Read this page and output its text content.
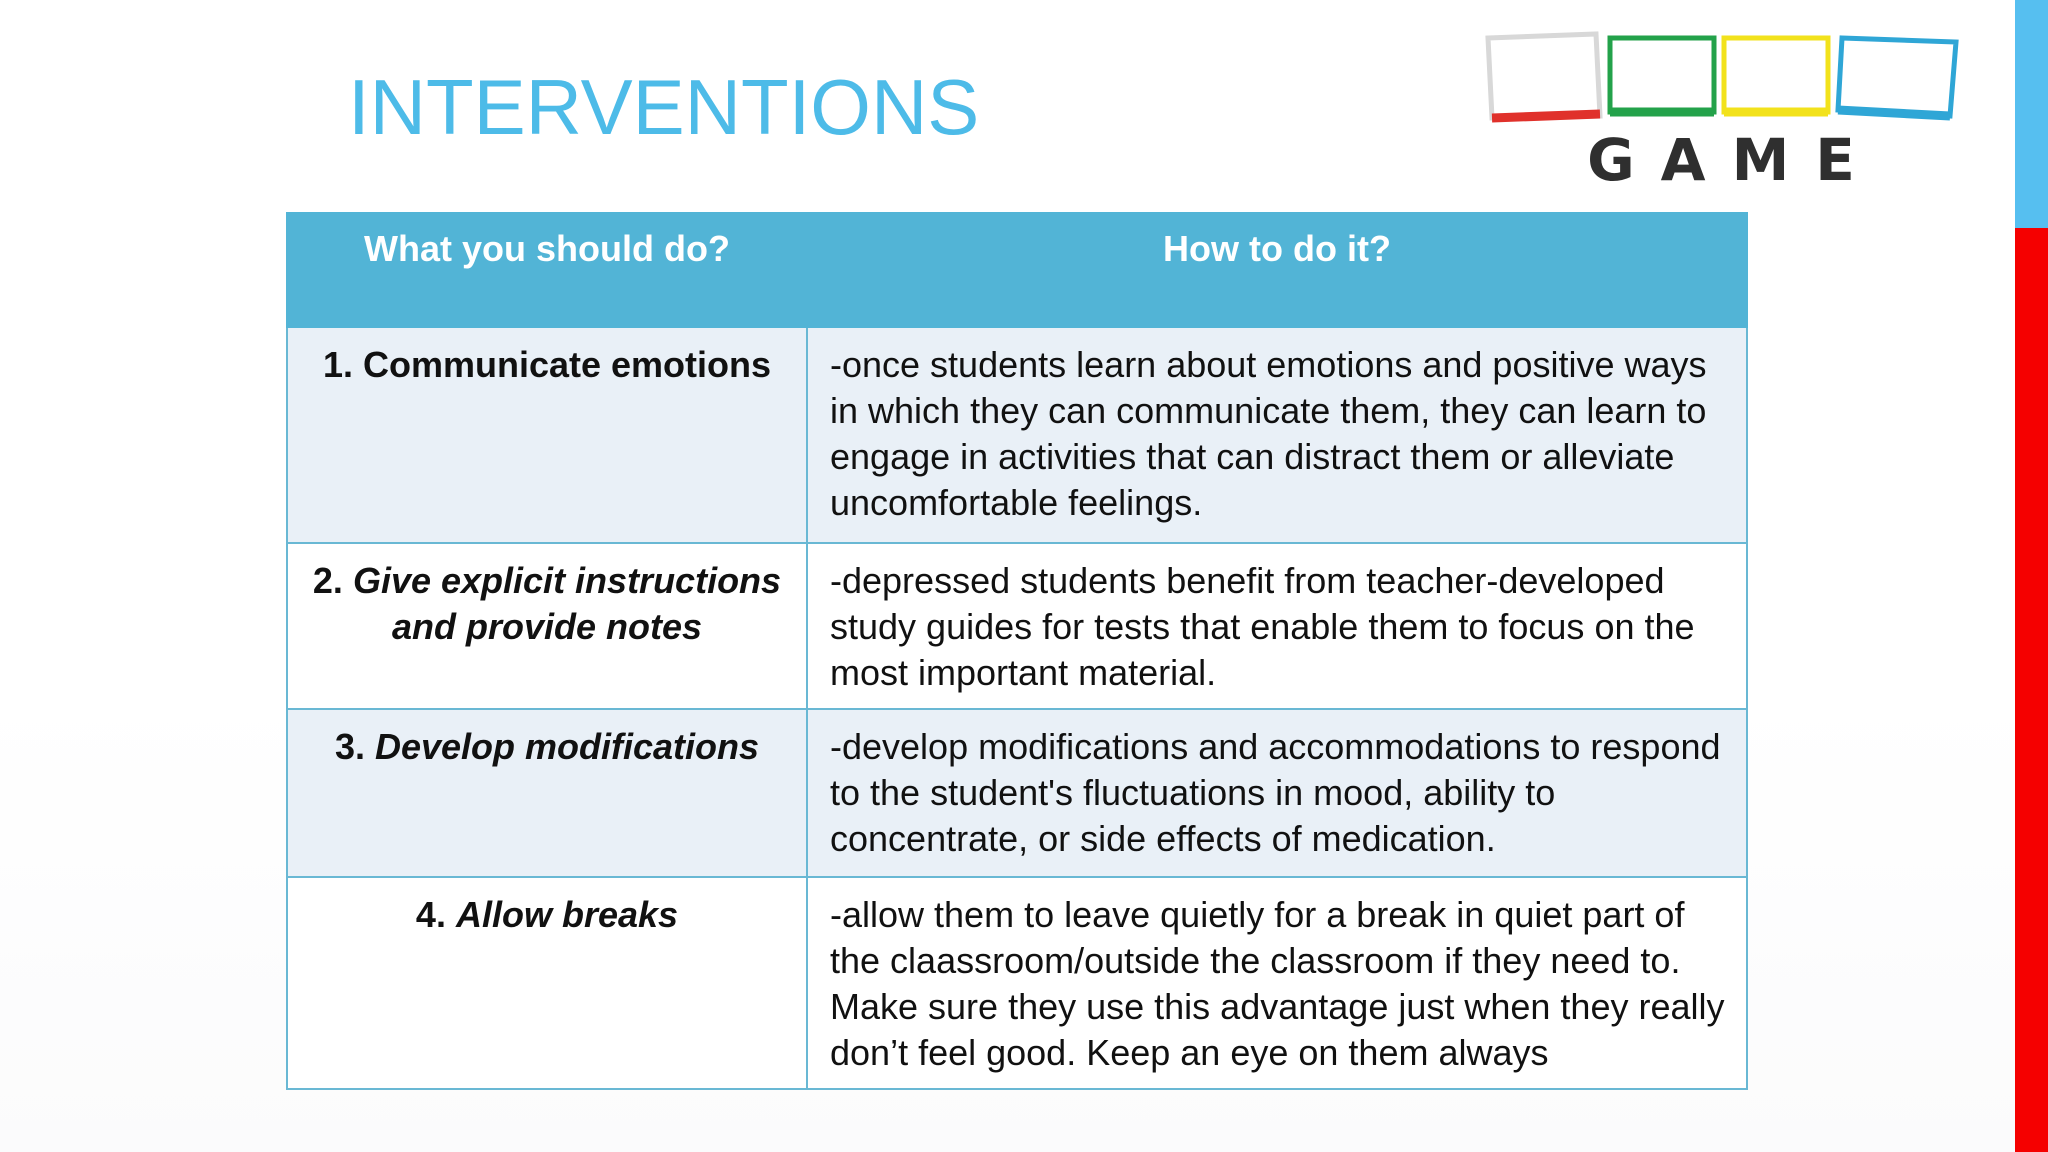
INTERVENTIONS
GAME
What you should do?	How to do it?
1. Communicate emotions	-once students learn about emotions and positive ways in which they can communicate them, they can learn to engage in activities that can distract them or alleviate uncomfortable feelings.
2. Give explicit instructions and provide notes	-depressed students benefit from teacher-developed study guides for tests that enable them to focus on the most important material.
3. Develop modifications	-develop modifications and accommodations to respond to the student's fluctuations in mood, ability to concentrate, or side effects of medication.
4. Allow breaks	-allow them to leave quietly for a break in quiet part of the claassroom/outside the classroom if they need to. Make sure they use this advantage just when they really don’t feel good. Keep an eye on them always
